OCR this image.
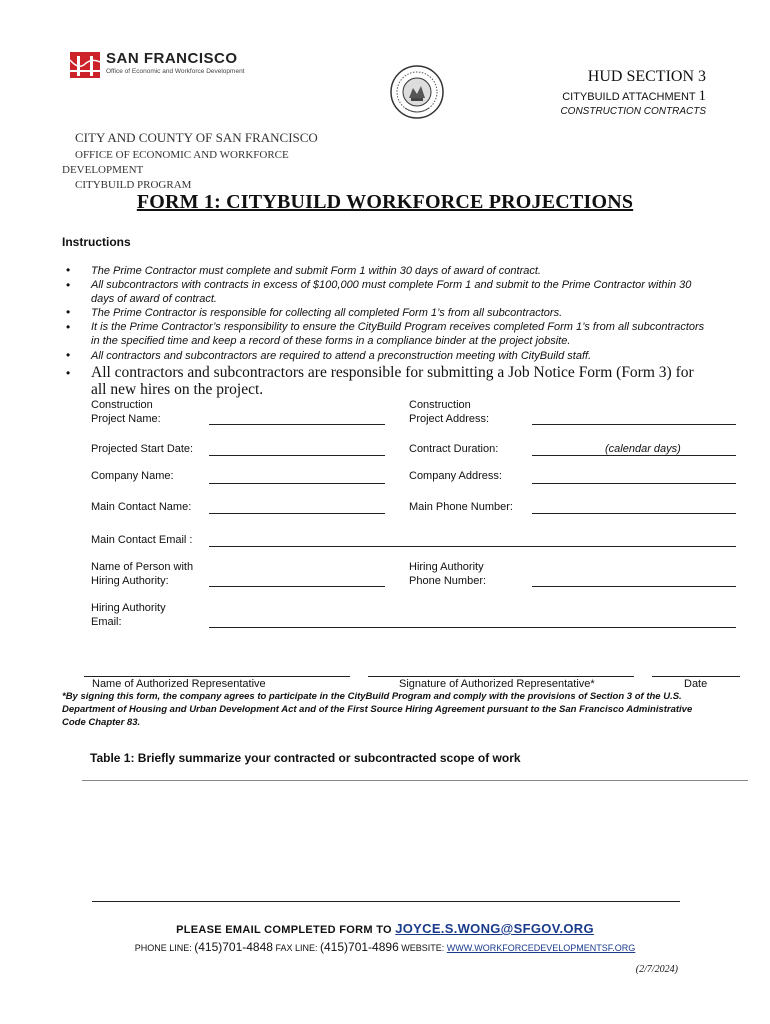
SAN FRANCISCO
Office of Economic and Workforce Development	HUD SECTION 3
CITYBUILD ATTACHMENT 1
CONSTRUCTION CONTRACTS
CITY AND COUNTY OF SAN FRANCISCO
OFFICE OF ECONOMIC AND WORKFORCE
DEVELOPMENT
CITYBUILD PROGRAM
FORM 1: CITYBUILD WORKFORCE PROJECTIONS
Instructions
• The Prime Contractor must complete and submit Form 1 within 30 days of award of contract.
• All subcontractors with contracts in excess of $100,000 must complete Form 1 and submit to the Prime Contractor within 30 days of award of contract.
• The Prime Contractor is responsible for collecting all completed Form 1’s from all subcontractors.
• It is the Prime Contractor’s responsibility to ensure the CityBuild Program receives completed Form 1’s from all subcontractors in the specified time and keep a record of these forms in a compliance binder at the project jobsite.
• All contractors and subcontractors are required to attend a preconstruction meeting with CityBuild staff.
• All contractors and subcontractors are responsible for submitting a Job Notice Form (Form 3) for all new hires on the project.
Construction
Project Name:
Construction
Project Address:
Projected Start Date:	Contract Duration:	(calendar days)
Company Name:	Company Address:
Main Contact Name:	Main Phone Number:
Main Contact Email :
Name of Person with
Hiring Authority:
Hiring Authority
Phone Number:
Hiring Authority
Email:
Name of Authorized Representative	Signature of Authorized Representative*	Date
*By signing this form, the company agrees to participate in the CityBuild Program and comply with the provisions of Section 3 of the U.S. Department of Housing and Urban Development Act and of the First Source Hiring Agreement pursuant to the San Francisco Administrative Code Chapter 83.
Table 1: Briefly summarize your contracted or subcontracted scope of work
PLEASE EMAIL COMPLETED FORM TO JOYCE.S.WONG@SFGOV.ORG
PHONE LINE: (415)701-4848 FAX LINE: (415)701-4896 WEBSITE: WWW.WORKFORCEDEVELOPMENTSF.ORG
(2/7/2024)
